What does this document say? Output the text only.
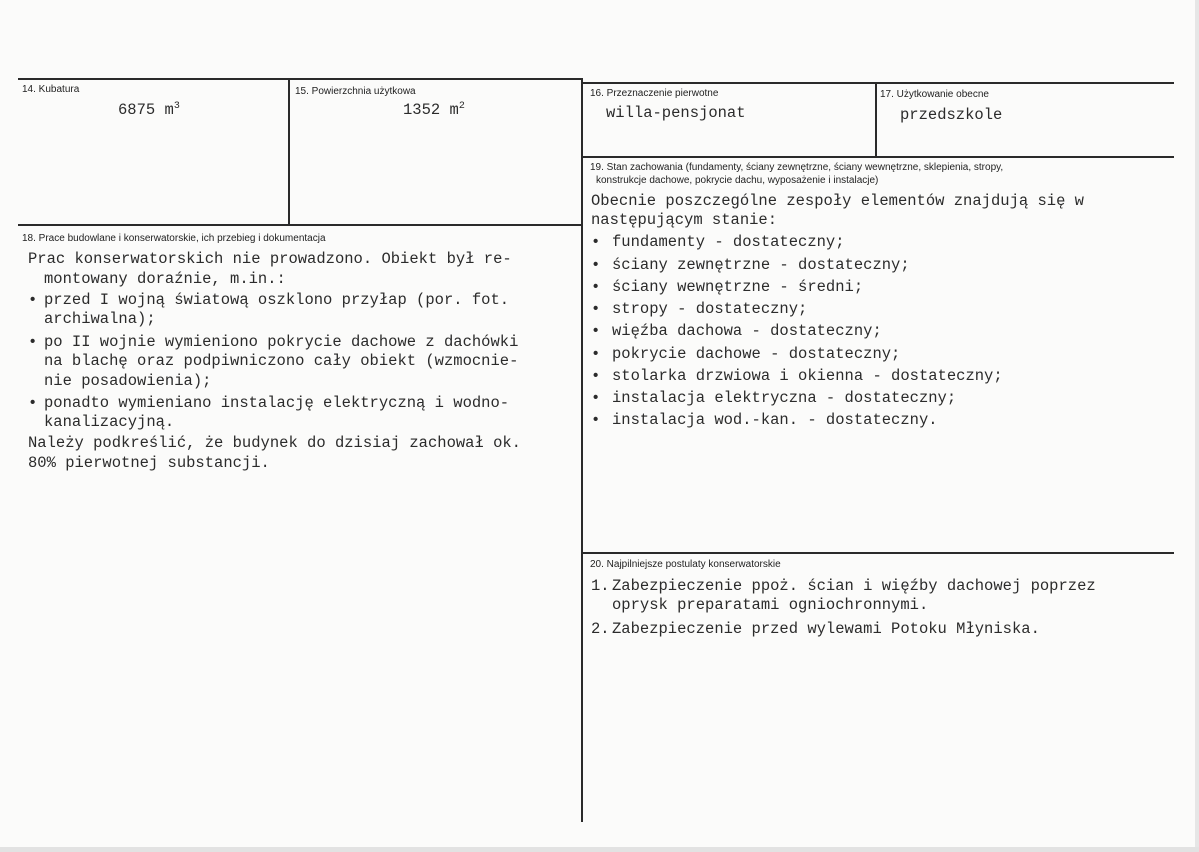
14. Kubatura
6875 $m^3$
15. Powierzchnia użytkowa
1352 $m^2$
16. Przeznaczenie pierwotne
willa-pensjonat
17. Użytkowanie obecne
przedszkole
18. Prace budowlane i konserwatorskie, ich przebieg i dokumentacja
Prac konserwatorskich nie prowadzono. Obiekt był re-
montowany doraźnie, m.in.:
• przed I wojną światową oszklono przyłap (por. fot.
archiwalna);
• po II wojnie wymieniono pokrycie dachowe z dachówki
na blachę oraz podpiwniczono cały obiekt (wzmocnie-
nie posadowienia);
• ponadto wymieniano instalację elektryczną i wodno-
kanalizacyjną.
Należy podkreślić, że budynek do dzisiaj zachował ok.
80% pierwotnej substancji.
19. Stan zachowania (fundamenty, ściany zewnętrzne, ściany wewnętrzne, sklepienia, stropy,
konstrukcje dachowe, pokrycie dachu, wyposażenie i instalacje)
Obecnie poszczególne zespoły elementów znajdują się w
następującym stanie:
• fundamenty - dostateczny;
• ściany zewnętrzne - dostateczny;
• ściany wewnętrzne - średni;
• stropy - dostateczny;
• więźba dachowa - dostateczny;
• pokrycie dachowe - dostateczny;
• stolarka drzwiowa i okienna - dostateczny;
• instalacja elektryczna - dostateczny;
• instalacja wod.-kan. - dostateczny.
20. Najpilniejsze postulaty konserwatorskie
1. Zabezpieczenie ppoż. ścian i więźby dachowej poprzez
oprysk preparatami ogniochronnymi.
2. Zabezpieczenie przed wylewami Potoku Młyniska.
